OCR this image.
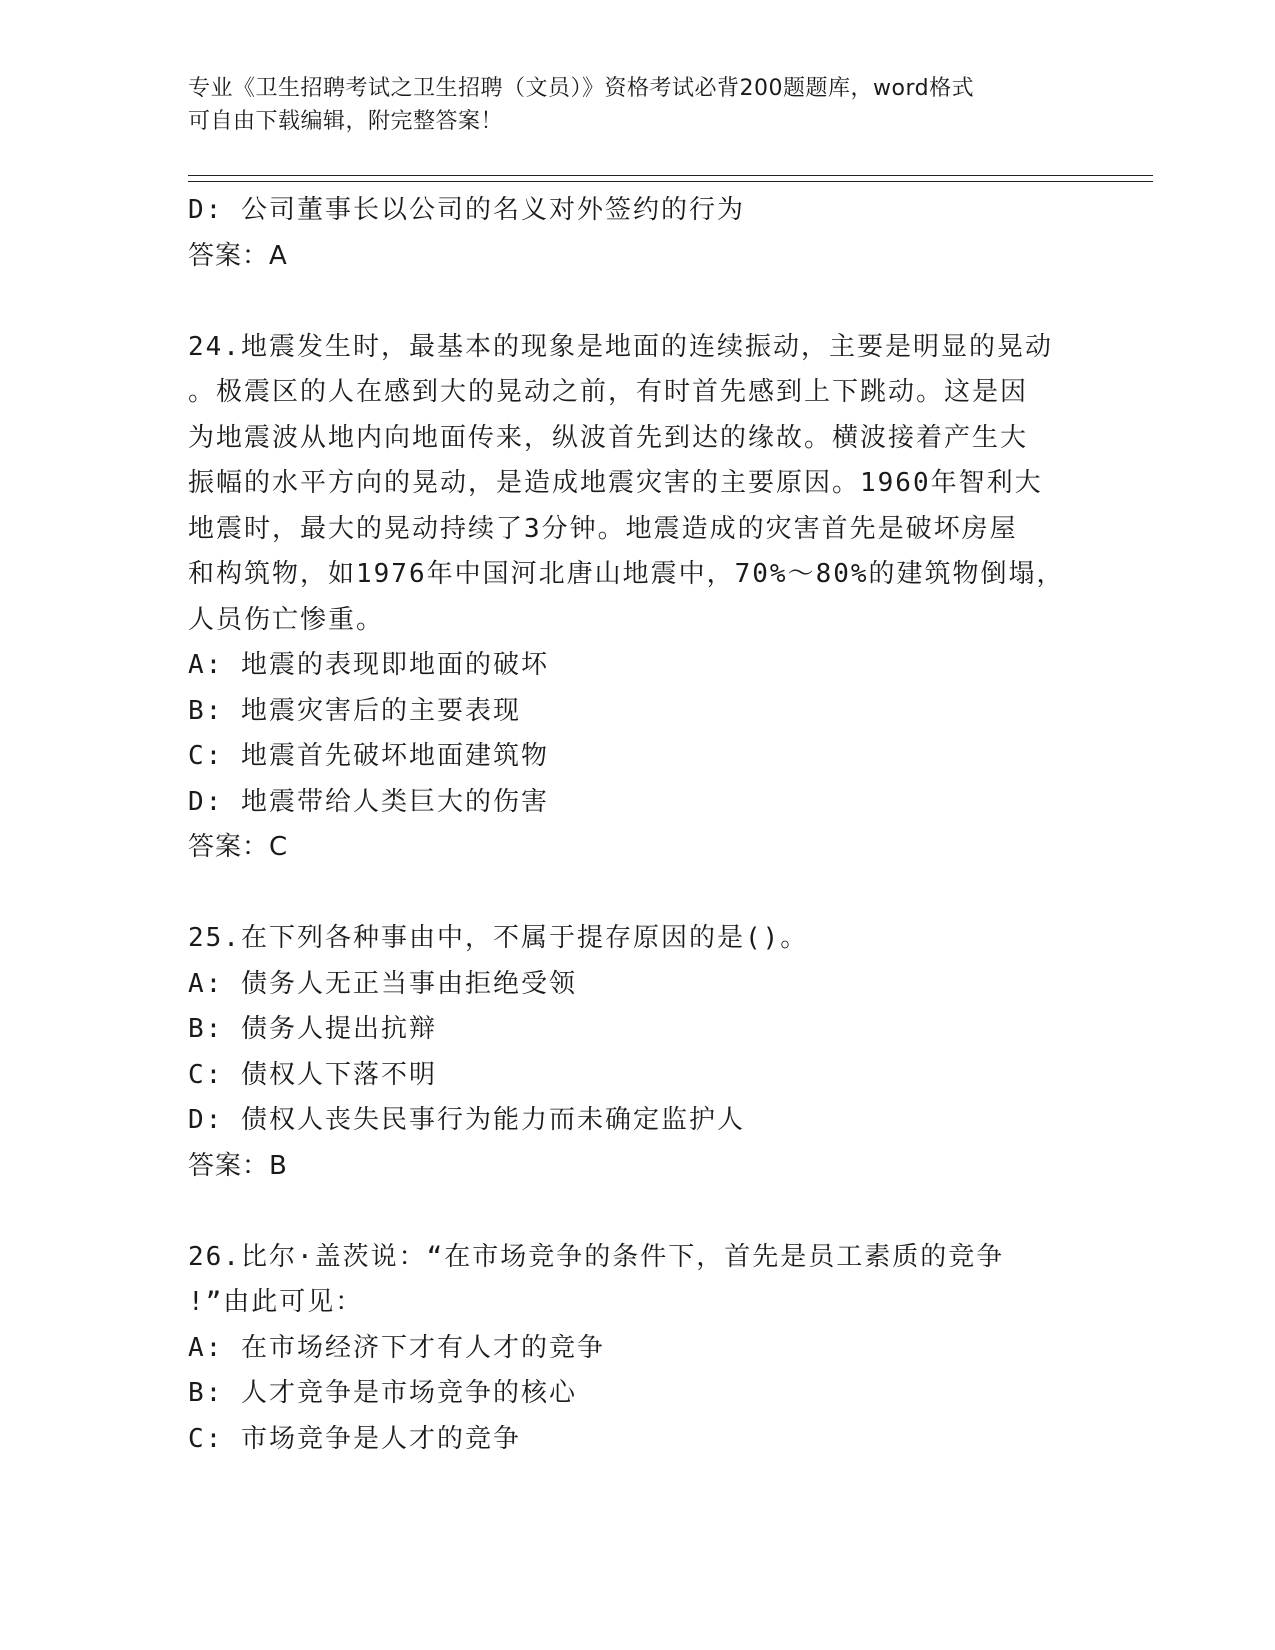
专业《卫生招聘考试之卫生招聘（文员）》资格考试必背200题题库，word格式
可自由下载编辑，附完整答案！
D: 公司董事长以公司的名义对外签约的行为
答案：A
24.地震发生时，最基本的现象是地面的连续振动，主要是明显的晃动
。极震区的人在感到大的晃动之前，有时首先感到上下跳动。这是因
为地震波从地内向地面传来，纵波首先到达的缘故。横波接着产生大
振幅的水平方向的晃动，是造成地震灾害的主要原因。1960年智利大
地震时，最大的晃动持续了3分钟。地震造成的灾害首先是破坏房屋
和构筑物，如1976年中国河北唐山地震中，70%～80%的建筑物倒塌，
人员伤亡惨重。
A: 地震的表现即地面的破坏
B: 地震灾害后的主要表现
C: 地震首先破坏地面建筑物
D: 地震带给人类巨大的伤害
答案：C
25.在下列各种事由中，不属于提存原因的是()。
A: 债务人无正当事由拒绝受领
B: 债务人提出抗辩
C: 债权人下落不明
D: 债权人丧失民事行为能力而未确定监护人
答案：B
26.比尔·盖茨说：“在市场竞争的条件下，首先是员工素质的竞争
!”由此可见：
A: 在市场经济下才有人才的竞争
B: 人才竞争是市场竞争的核心
C: 市场竞争是人才的竞争
